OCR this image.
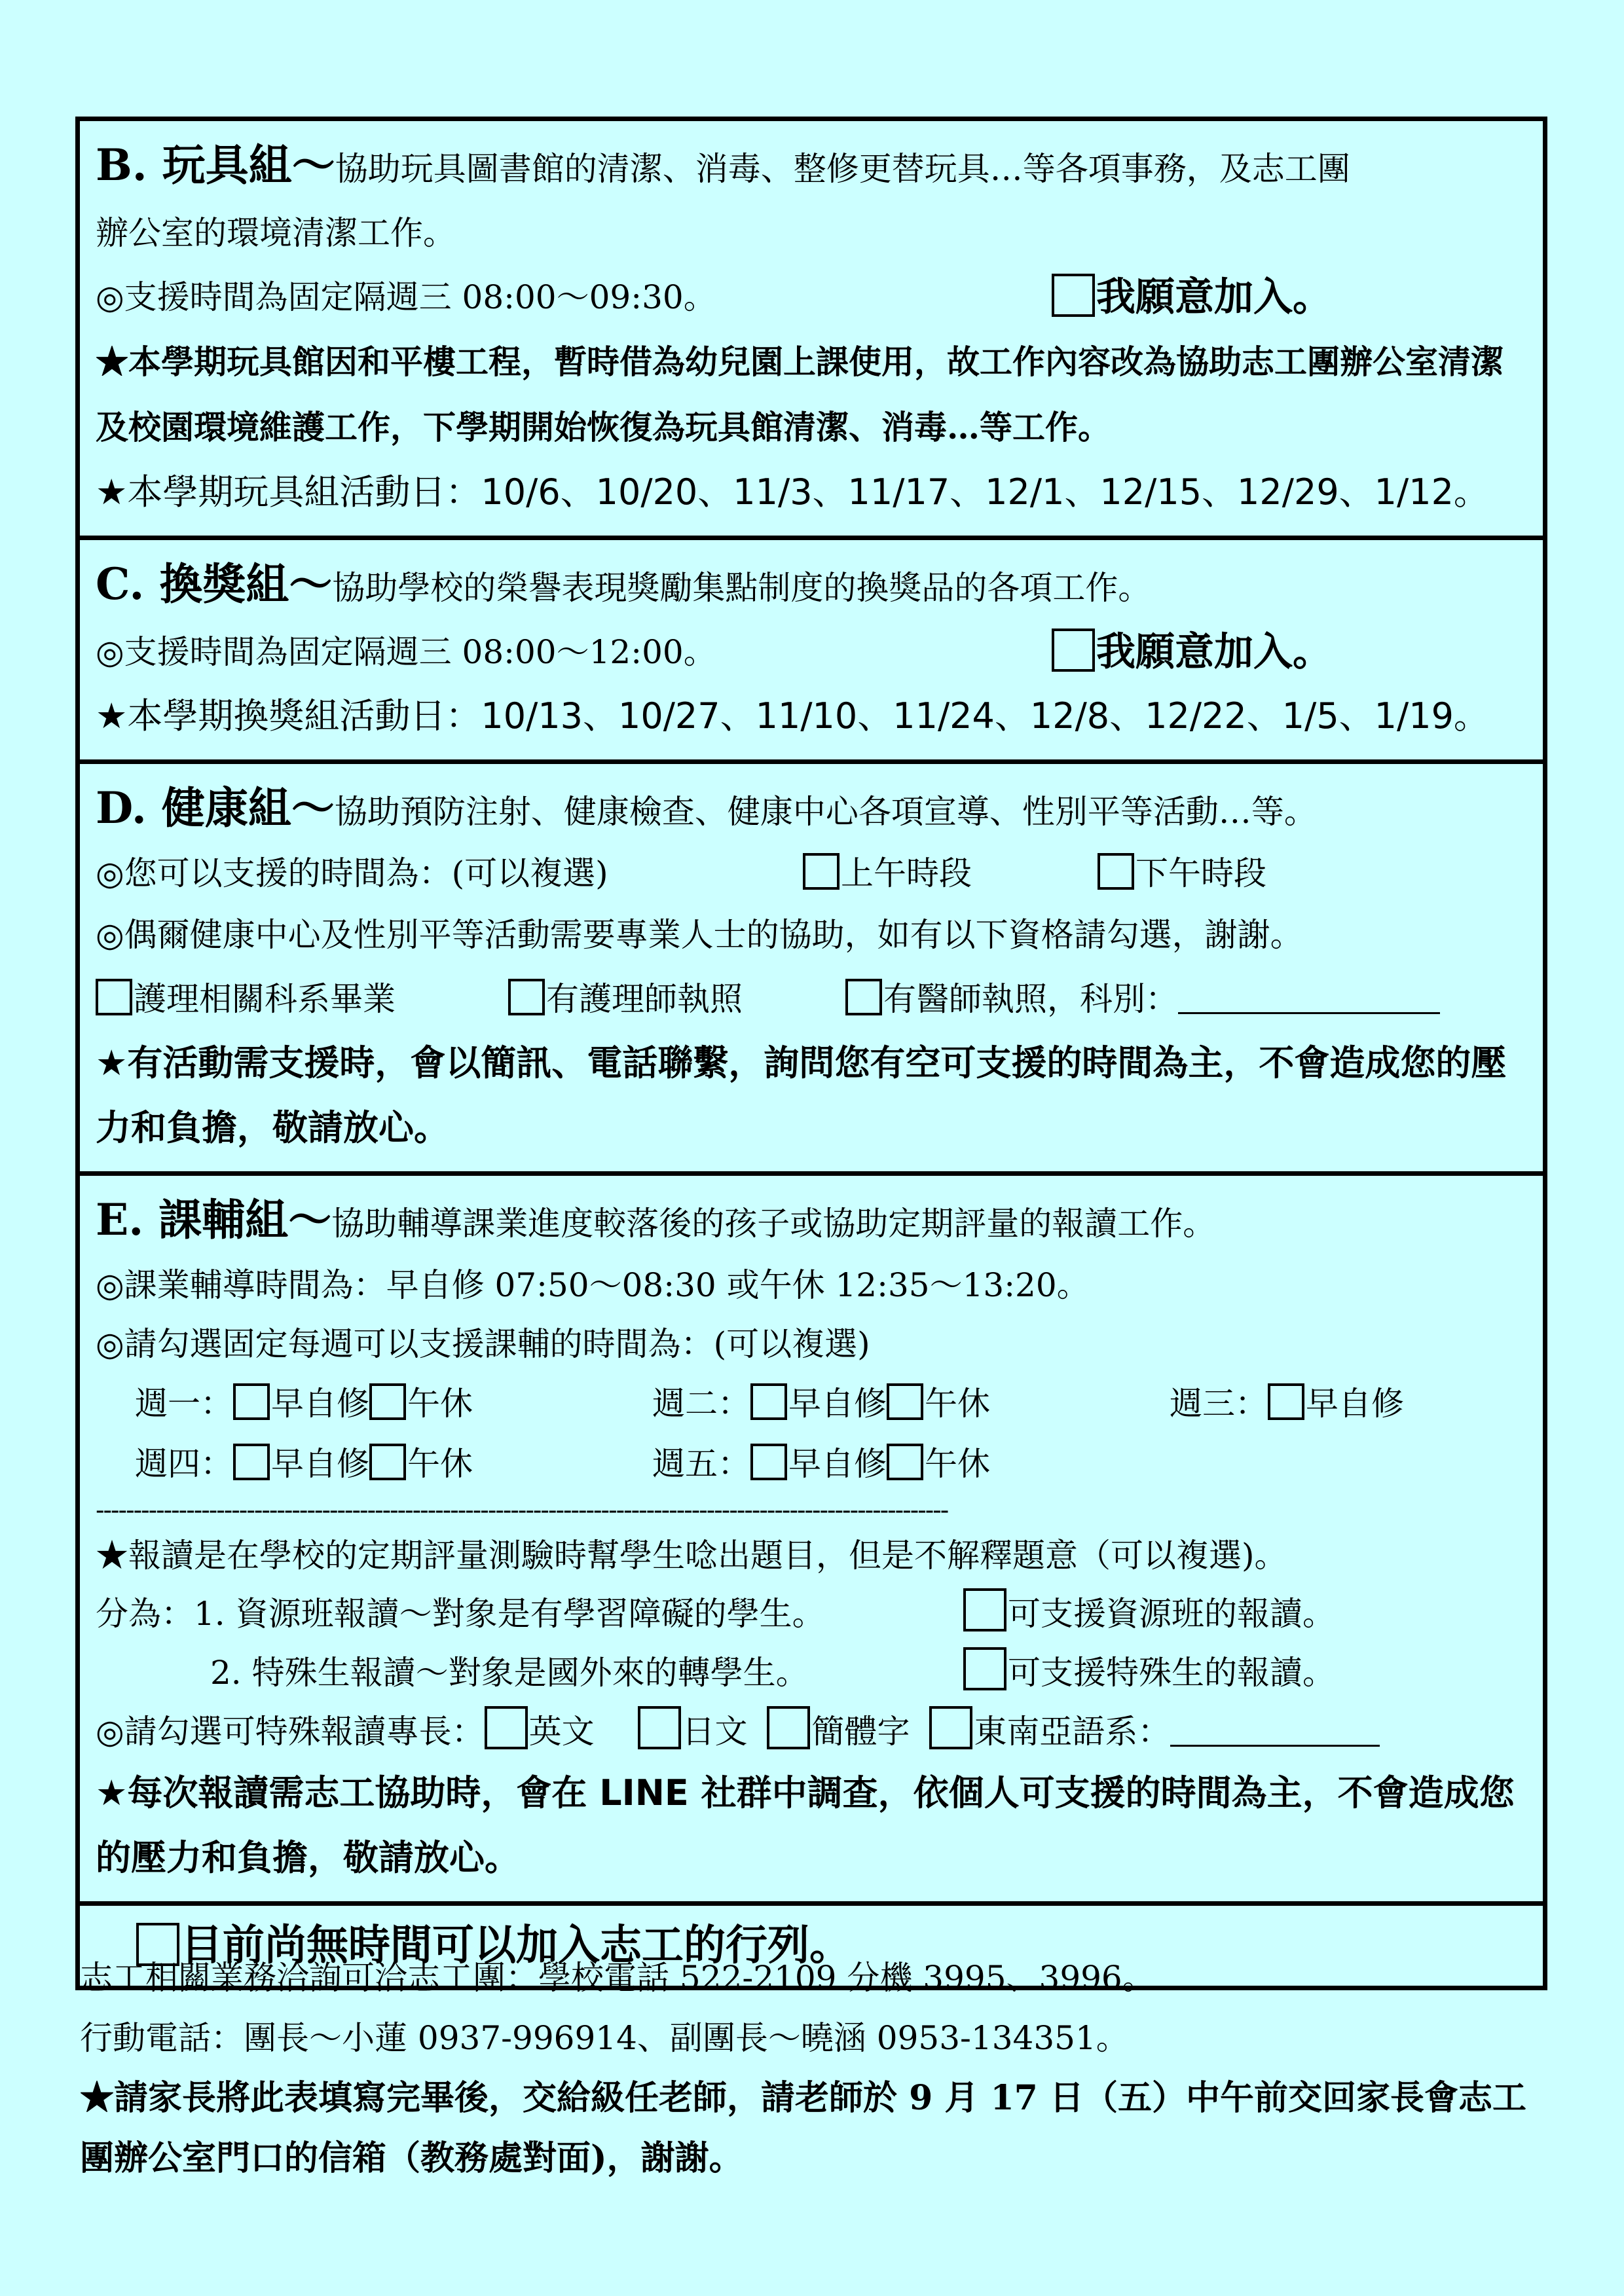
B. 玩具組～協助玩具圖書館的清潔、消毒、整修更替玩具…等各項事務，及志工團
辦公室的環境清潔工作。
◎支援時間為固定隔週三 08:00～09:30。	我願意加入。
★本學期玩具館因和平樓工程，暫時借為幼兒園上課使用，故工作內容改為協助志工團辦公室清潔及校園環境維護工作，下學期開始恢復為玩具館清潔、消毒…等工作。
★本學期玩具組活動日：10/6、10/20、11/3、11/17、12/1、12/15、12/29、1/12。
C. 換獎組～協助學校的榮譽表現獎勵集點制度的換獎品的各項工作。
◎支援時間為固定隔週三 08:00～12:00。	我願意加入。
★本學期換獎組活動日：10/13、10/27、11/10、11/24、12/8、12/22、1/5、1/19。
D. 健康組～協助預防注射、健康檢查、健康中心各項宣導、性別平等活動…等。
◎您可以支援的時間為：(可以複選)	上午時段	下午時段
◎偶爾健康中心及性別平等活動需要專業人士的協助，如有以下資格請勾選，謝謝。
護理相關科系畢業	有護理師執照	有醫師執照，科別：
★有活動需支援時，會以簡訊、電話聯繫，詢問您有空可支援的時間為主，不會造成您的壓力和負擔，敬請放心。
E. 課輔組～協助輔導課業進度較落後的孩子或協助定期評量的報讀工作。
◎課業輔導時間為：早自修 07:50～08:30 或午休 12:35～13:20。
◎請勾選固定每週可以支援課輔的時間為：(可以複選)
週一： 早自修 午休	週二： 早自修 午休	週三： 早自修
週四： 早自修 午休	週五： 早自修 午休
-----------------------------------------------------------------------------------------------------------------
★報讀是在學校的定期評量測驗時幫學生唸出題目，但是不解釋題意（可以複選)。
分為：1. 資源班報讀～對象是有學習障礙的學生。	可支援資源班的報讀。
2. 特殊生報讀～對象是國外來的轉學生。	可支援特殊生的報讀。
◎請勾選可特殊報讀專長： 英文	日文 簡體字 東南亞語系：
★每次報讀需志工協助時，會在 LINE 社群中調查，依個人可支援的時間為主，不會造成您的壓力和負擔，敬請放心。
目前尚無時間可以加入志工的行列。
志工相關業務洽詢可洽志工團：學校電話 522-2109 分機 3995、3996。
行動電話：團長～小蓮 0937-996914、副團長～曉涵 0953-134351。
★請家長將此表填寫完畢後，交給級任老師，請老師於 9 月 17 日（五）中午前交回家長會志工團辦公室門口的信箱（教務處對面)，謝謝。
